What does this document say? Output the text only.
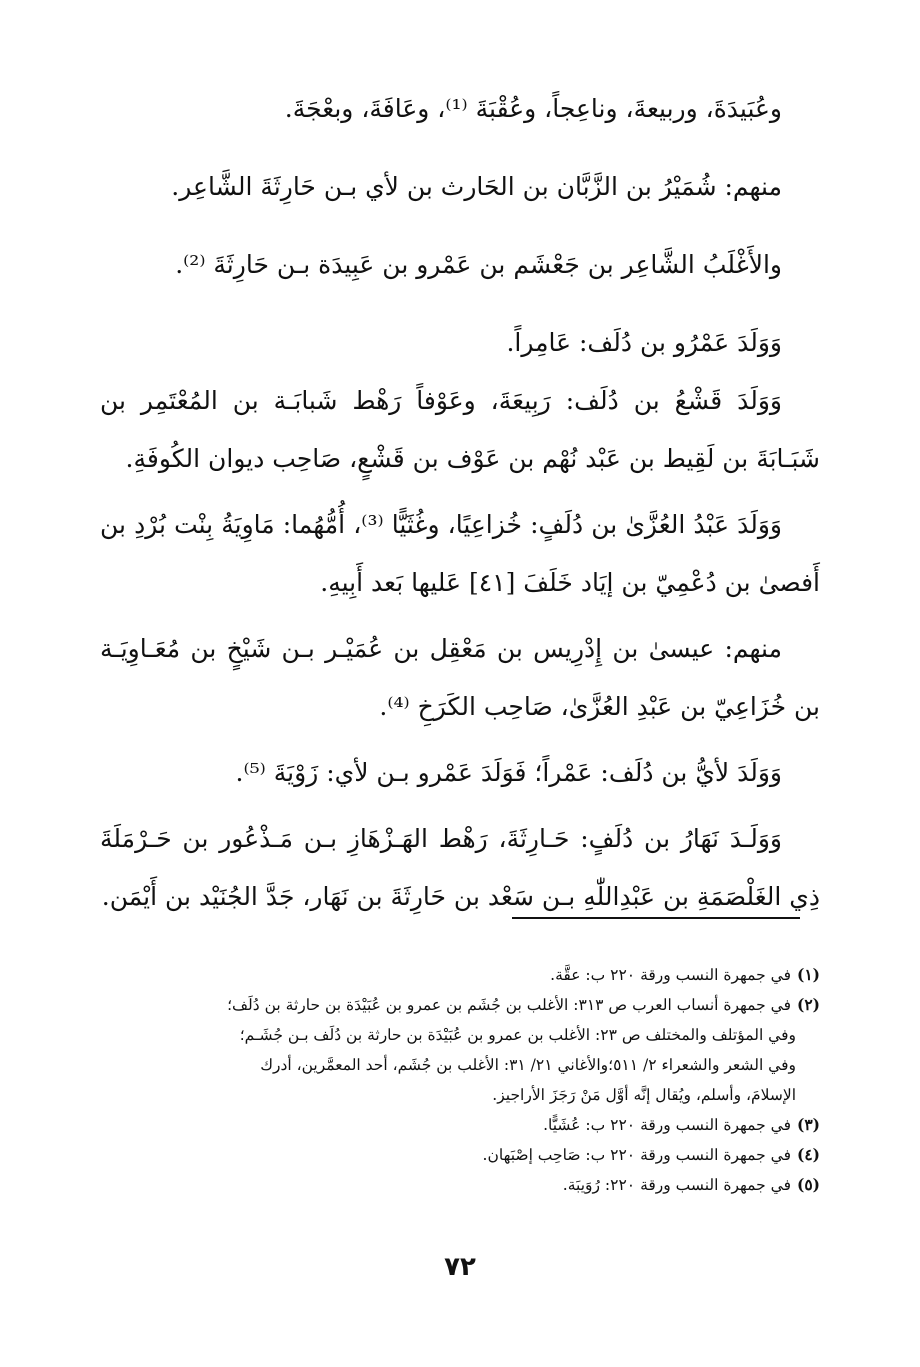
وعُبَيدَةَ، وربيعةَ، وناعِجاً، وعُقْبَةَ ⁽¹⁾، وعَافَةَ، وبعْجَةَ.

منهم: شُمَيْرُ بن الزَّبَّان بن الحَارث بن لأي بـن حَارِثَةَ الشَّاعِر.

والأَغْلَبُ الشَّاعِر بن جَعْشَم بن عَمْرو بن عَبِيدَة بـن حَارِثَةَ ⁽²⁾.

وَوَلَدَ عَمْرُو بن دُلَف: عَامِراً.

وَوَلَدَ قَشْعُ بن دُلَف: رَبِيعَةَ، وعَوْفاً رَهْط شَبابَـة بن المُعْتَمِر بن شَبَـابَةَ بن لَقِيط بن عَبْد نُهْم بن عَوْف بن قَشْعٍ، صَاحِب ديوان الكُوفَةِ.

وَوَلَدَ عَبْدُ العُزَّىٰ بن دُلَفٍ: خُزاعِيًا، وغُثَيًّا ⁽³⁾، أُمُّهُما: مَاوِيَةُ بِنْت بُرْدِ بن أَفصىٰ بن دُعْمِيّ بن إيَاد خَلَفَ [٤١] عَليها بَعد أَبِيهِ.

منهم: عيسىٰ بن إِدْرِيس بن مَعْقِل بن عُمَيْـر بـن شَيْخٍ بن مُعَـاوِيَـة بن خُزَاعِيّ بن عَبْدِ العُزَّىٰ، صَاحِب الكَرَخِ ⁽⁴⁾.

وَوَلَدَ لأيُّ بن دُلَف: عَمْراً؛ فَوَلَدَ عَمْرو بـن لأي: زَوْيَةَ ⁽⁵⁾.

وَوَلَـدَ نَهَارُ بن دُلَفٍ: حَـارِثَةَ، رَهْط الهَـزْهَازِ بـن مَـذْعُور بن حَـرْمَلَةَ ذِي الغَلْصَمَةِ بن عَبْدِاللّٰهِ بـن سَعْد بن حَارِثَةَ بن نَهَار، جَدَّ الجُنَيْد بن أَيْمَن.

(١)في جمهرة النسب ورقة ٢٢٠ ب: عقَّة.

(٢)في جمهرة أنساب العرب ص ٣١٣: الأغلب بن جُشَم بن عمرو بن عُبَيْدَة بن حارثة بن دُلَف؛

وفي المؤتلف والمختلف ص ٢٣: الأغلب بن عمرو بن عُبَيْدَة بن حارثة بن دُلَف بـن جُشَـم؛

وفي الشعر والشعراء ٢/ ٥١١؛والأغاني ٢١/ ٣١: الأغلب بن جُشَم، أحد المعمَّرين، أدرك

الإسلامَ، وأسلم، ويُقال إنَّه أوَّل مَنْ رَجَزَ الأراجيز.

(٣)في جمهرة النسب ورقة ٢٢٠ ب: عُشَيًّا.

(٤)في جمهرة النسب ورقة ٢٢٠ ب: صَاحِب إصْبَهان.

(٥)في جمهرة النسب ورقة ٢٢٠: رُوَيبَة.

٧٢
